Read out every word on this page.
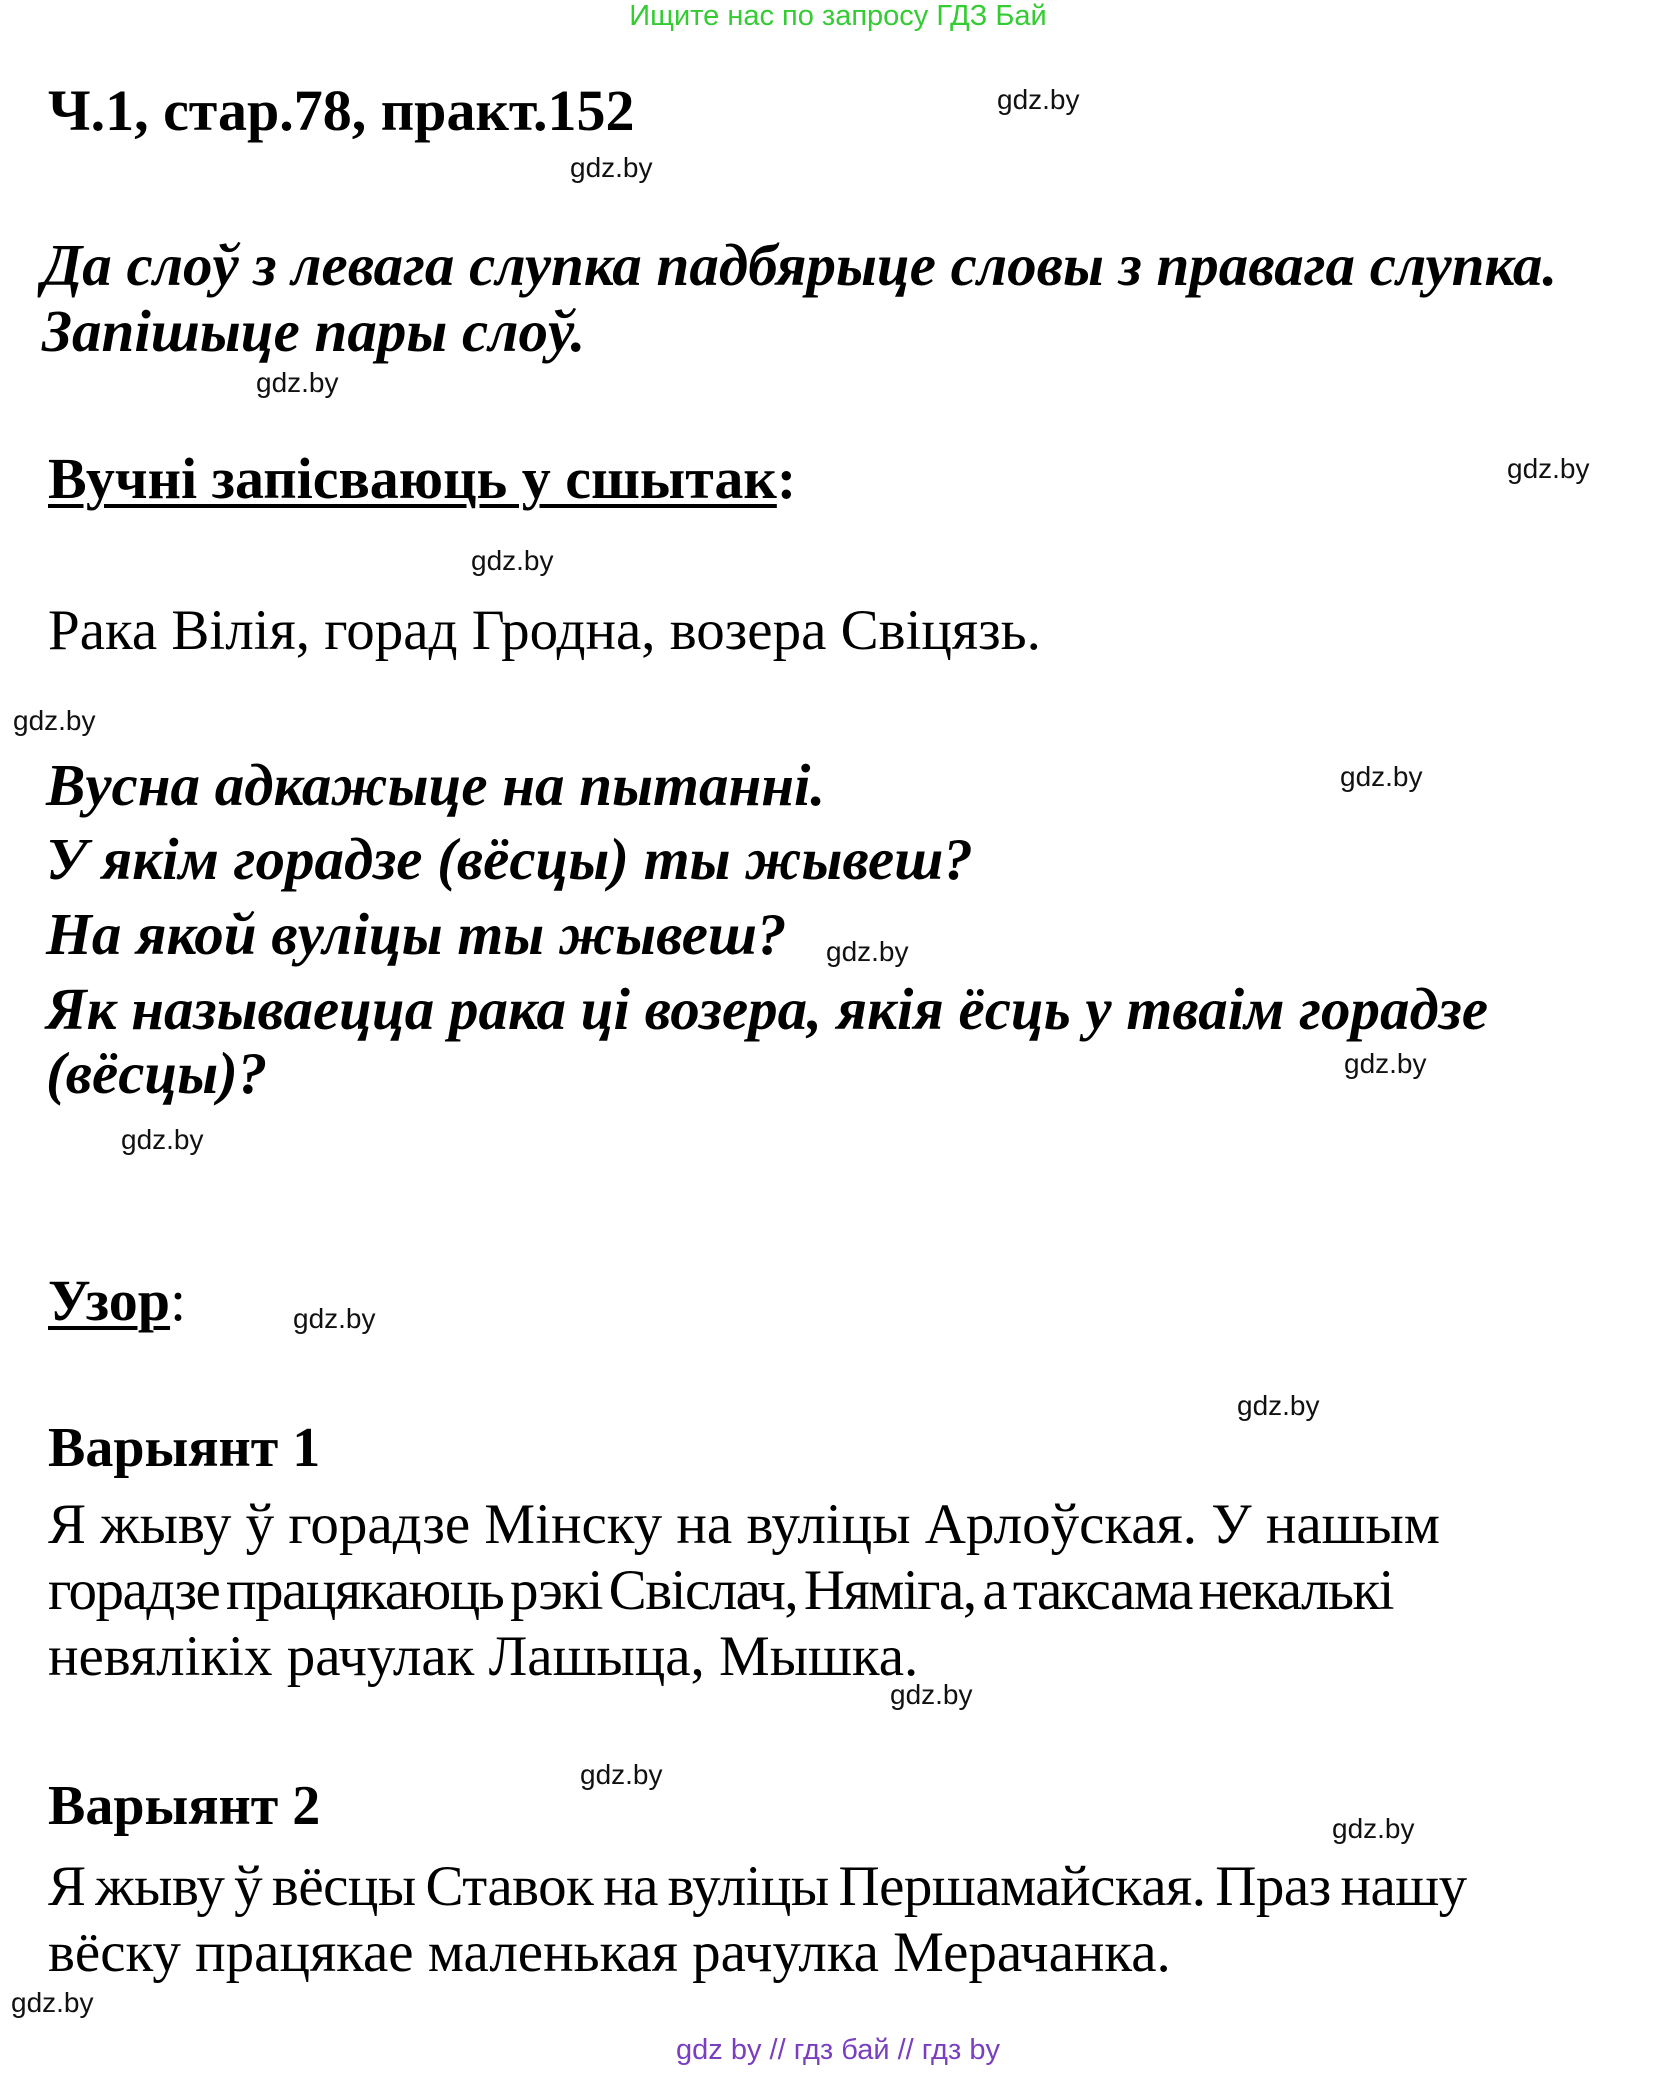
Ищите нас по запросу ГДЗ Бай
Ч.1, стар.78, практ.152
Да слоў з левага слупка падбярыце словы з правага слупка.
Запішыце пары слоў.
Вучні запісваюць у сшытак:
Рака Вілія, горад Гродна, возера Свіцязь.
Вусна адкажыце на пытанні.
У якім горадзе (вёсцы) ты жывеш?
На якой вуліцы ты жывеш?
Як называецца рака ці возера, якія ёсць у тваім горадзе
(вёсцы)?
Узор:
Варыянт 1
Я жыву ў горадзе Мінску на вуліцы Арлоўская. У нашым
горадзе працякаюць рэкі Свіслач, Няміга, а таксама некалькі
невялікіх рачулак Лашыца, Мышка.
Варыянт 2
Я жыву ў вёсцы Ставок на вуліцы Першамайская. Праз нашу
вёску працякае маленькая рачулка Мерачанка.
gdz.by
gdz.by
gdz.by
gdz.by
gdz.by
gdz.by
gdz.by
gdz.by
gdz.by
gdz.by
gdz.by
gdz.by
gdz.by
gdz.by
gdz.by
gdz.by
gdz by // гдз бай // гдз by
